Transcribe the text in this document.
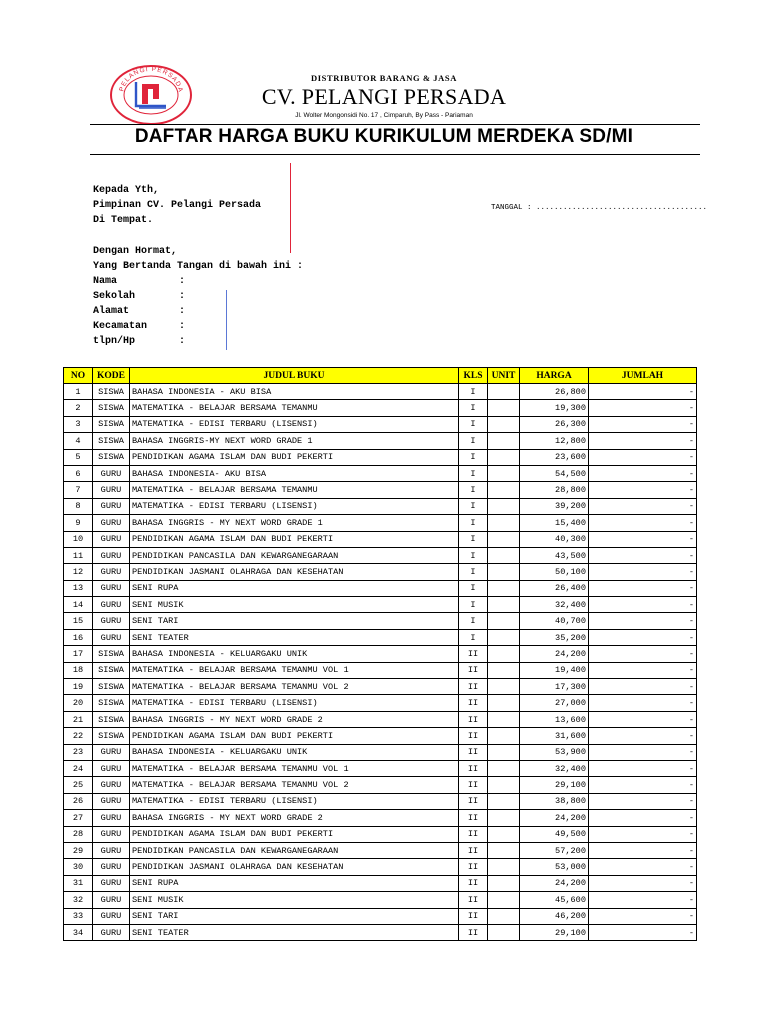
PELANGI PERSADA
DISTRIBUTOR BARANG & JASA
CV. PELANGI PERSADA
Jl. Wolter Mongonsidi No. 17 , Cimparuh, By Pass - Pariaman
DAFTAR HARGA BUKU KURIKULUM MERDEKA SD/MI
Kepada Yth,
Pimpinan CV. Pelangi Persada
Di Tempat.
TANGGAL : ......................................
Dengan Hormat,
Yang Bertanda Tangan di bawah ini :
Nama	:
Sekolah	:
Alamat	:
Kecamatan	:
tlpn/Hp	:
NO	KODE	JUDUL BUKU	KLS	UNIT	HARGA	JUMLAH
1	SISWA	BAHASA INDONESIA - AKU BISA	I		26,800	-
2	SISWA	MATEMATIKA - BELAJAR BERSAMA TEMANMU	I		19,300	-
3	SISWA	MATEMATIKA - EDISI TERBARU (LISENSI)	I		26,300	-
4	SISWA	BAHASA INGGRIS-MY NEXT WORD GRADE 1	I		12,800	-
5	SISWA	PENDIDIKAN AGAMA ISLAM DAN BUDI PEKERTI	I		23,600	-
6	GURU	BAHASA INDONESIA- AKU BISA	I		54,500	-
7	GURU	MATEMATIKA - BELAJAR BERSAMA TEMANMU	I		28,800	-
8	GURU	MATEMATIKA - EDISI TERBARU (LISENSI)	I		39,200	-
9	GURU	BAHASA INGGRIS - MY NEXT WORD GRADE 1	I		15,400	-
10	GURU	PENDIDIKAN AGAMA ISLAM DAN BUDI PEKERTI	I		40,300	-
11	GURU	PENDIDIKAN PANCASILA DAN KEWARGANEGARAAN	I		43,500	-
12	GURU	PENDIDIKAN JASMANI OLAHRAGA DAN KESEHATAN	I		50,100	-
13	GURU	SENI RUPA	I		26,400	-
14	GURU	SENI MUSIK	I		32,400	-
15	GURU	SENI TARI	I		40,700	-
16	GURU	SENI TEATER	I		35,200	-
17	SISWA	BAHASA INDONESIA - KELUARGAKU UNIK	II		24,200	-
18	SISWA	MATEMATIKA - BELAJAR BERSAMA TEMANMU VOL 1	II		19,400	-
19	SISWA	MATEMATIKA - BELAJAR BERSAMA TEMANMU VOL 2	II		17,300	-
20	SISWA	MATEMATIKA - EDISI TERBARU (LISENSI)	II		27,000	-
21	SISWA	BAHASA INGGRIS - MY NEXT WORD GRADE 2	II		13,600	-
22	SISWA	PENDIDIKAN AGAMA ISLAM DAN BUDI PEKERTI	II		31,600	-
23	GURU	BAHASA INDONESIA - KELUARGAKU UNIK	II		53,900	-
24	GURU	MATEMATIKA - BELAJAR BERSAMA TEMANMU VOL 1	II		32,400	-
25	GURU	MATEMATIKA - BELAJAR BERSAMA TEMANMU VOL 2	II		29,100	-
26	GURU	MATEMATIKA - EDISI TERBARU (LISENSI)	II		38,800	-
27	GURU	BAHASA INGGRIS - MY NEXT WORD GRADE 2	II		24,200	-
28	GURU	PENDIDIKAN AGAMA ISLAM DAN BUDI PEKERTI	II		49,500	-
29	GURU	PENDIDIKAN PANCASILA DAN KEWARGANEGARAAN	II		57,200	-
30	GURU	PENDIDIKAN JASMANI OLAHRAGA DAN KESEHATAN	II		53,000	-
31	GURU	SENI RUPA	II		24,200	-
32	GURU	SENI MUSIK	II		45,600	-
33	GURU	SENI TARI	II		46,200	-
34	GURU	SENI TEATER	II		29,100	-
